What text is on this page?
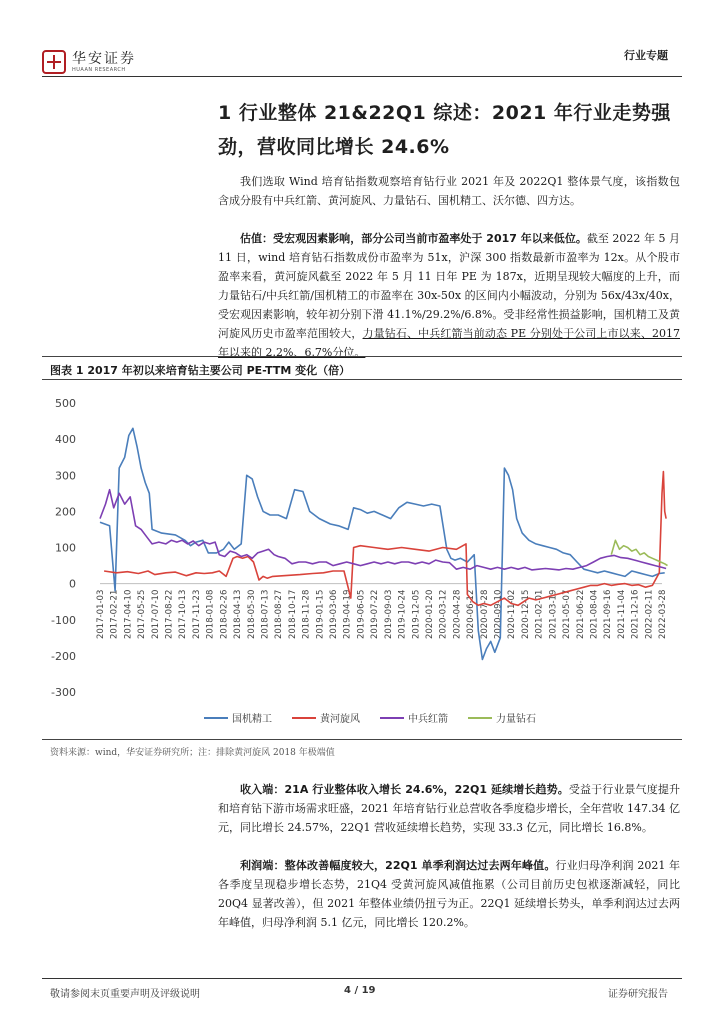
华安证券
HUAAN RESEARCH
行业专题
1 行业整体 21&22Q1 综述：2021 年行业走势强劲，营收同比增长 24.6%
我们选取 Wind 培育钻指数观察培育钻行业 2021 年及 2022Q1 整体景气度，该指数包含成分股有中兵红箭、黄河旋风、力量钻石、国机精工、沃尔德、四方达。
估值：受宏观因素影响，部分公司当前市盈率处于 2017 年以来低位。截至 2022 年 5 月 11 日，wind 培育钻石指数成份市盈率为 51x，沪深 300 指数最新市盈率为 12x。从个股市盈率来看，黄河旋风截至 2022 年 5 月 11 日年 PE 为 187x，近期呈现较大幅度的上升，而力量钻石/中兵红箭/国机精工的市盈率在 30x-50x 的区间内小幅波动，分别为 56x/43x/40x，受宏观因素影响，较年初分别下滑 41.1%/29.2%/6.8%。受非经常性损益影响，国机精工及黄河旋风历史市盈率范围较大，力量钻石、中兵红箭当前动态 PE 分别处于公司上市以来、2017 年以来的 2.2%、6.7%分位。
图表 1 2017 年初以来培育钻主要公司 PE-TTM 变化（倍）
500
400
300
200
100
0
-100
-200
-300
2017-01-03 2017-02-21 2017-04-10 2017-05-25 2017-07-10 2017-08-22 2017-10-13 2017-11-23 2018-01-08 2018-02-26 2018-04-13 2018-05-30 2018-07-13 2018-08-27 2018-10-17 2018-11-28 2019-01-15 2019-03-06 2019-04-19 2019-06-05 2019-07-22 2019-09-03 2019-10-24 2019-12-05 2020-01-20 2020-03-12 2020-04-28 2020-06-12 2020-07-28 2020-09-10 2020-11-02 2020-12-15 2021-02-01 2021-03-19 2021-05-07 2021-06-22 2021-08-04 2021-09-16 2021-11-04 2021-12-16 2022-02-11 2022-03-28
国机精工	黄河旋风	中兵红箭	力量钻石
资料来源：wind，华安证券研究所；注：排除黄河旋风 2018 年极端值
收入端：21A 行业整体收入增长 24.6%，22Q1 延续增长趋势。受益于行业景气度提升和培育钻下游市场需求旺盛，2021 年培育钻行业总营收各季度稳步增长，全年营收 147.34 亿元，同比增长 24.57%，22Q1 营收延续增长趋势，实现 33.3 亿元，同比增长 16.8%。
利润端：整体改善幅度较大，22Q1 单季利润达过去两年峰值。行业归母净利润 2021 年各季度呈现稳步增长态势，21Q4 受黄河旋风减值拖累（公司目前历史包袱逐渐减轻，同比 20Q4 显著改善），但 2021 年整体业绩仍扭亏为正。22Q1 延续增长势头，单季利润达过去两年峰值，归母净利润 5.1 亿元，同比增长 120.2%。
敬请参阅末页重要声明及评级说明	4 / 19	证券研究报告
